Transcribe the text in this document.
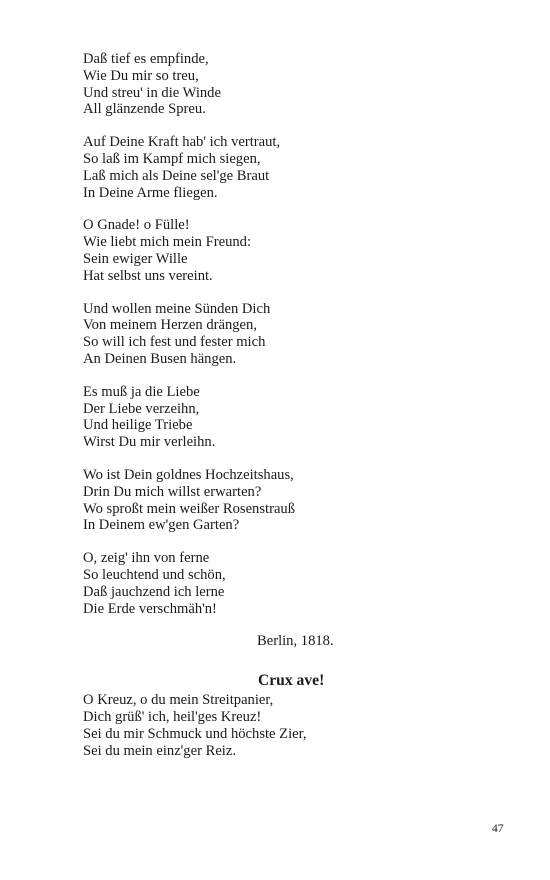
Daß tief es empfinde,
Wie Du mir so treu,
Und streu' in die Winde
All glänzende Spreu.
Auf Deine Kraft hab' ich vertraut,
So laß im Kampf mich siegen,
Laß mich als Deine sel'ge Braut
In Deine Arme fliegen.
O Gnade! o Fülle!
Wie liebt mich mein Freund:
Sein ewiger Wille
Hat selbst uns vereint.
Und wollen meine Sünden Dich
Von meinem Herzen drängen,
So will ich fest und fester mich
An Deinen Busen hängen.
Es muß ja die Liebe
Der Liebe verzeihn,
Und heilige Triebe
Wirst Du mir verleihn.
Wo ist Dein goldnes Hochzeitshaus,
Drin Du mich willst erwarten?
Wo sproßt mein weißer Rosenstrauß
In Deinem ew'gen Garten?
O, zeig' ihn von ferne
So leuchtend und schön,
Daß jauchzend ich lerne
Die Erde verschmäh'n!
Berlin, 1818.
Crux ave!
O Kreuz, o du mein Streitpanier,
Dich grüß' ich, heil'ges Kreuz!
Sei du mir Schmuck und höchste Zier,
Sei du mein einz'ger Reiz.
47
